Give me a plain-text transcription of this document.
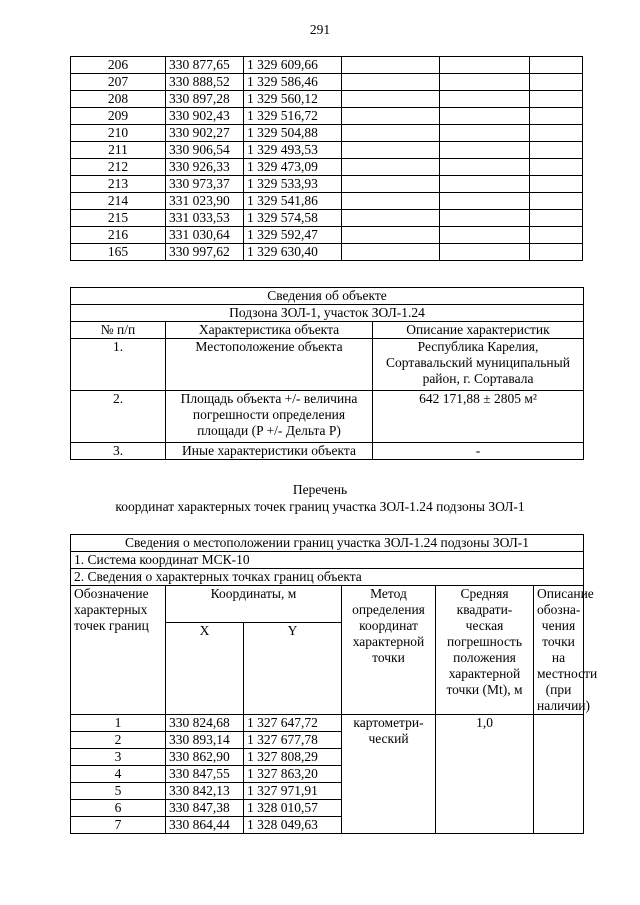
291
206	330 877,65	1 329 609,66			
207	330 888,52	1 329 586,46			
208	330 897,28	1 329 560,12			
209	330 902,43	1 329 516,72			
210	330 902,27	1 329 504,88			
211	330 906,54	1 329 493,53			
212	330 926,33	1 329 473,09			
213	330 973,37	1 329 533,93			
214	331 023,90	1 329 541,86			
215	331 033,53	1 329 574,58			
216	331 030,64	1 329 592,47			
165	330 997,62	1 329 630,40			
Сведения об объекте		
Подзона ЗОЛ-1, участок ЗОЛ-1.24		
№ п/п	Характеристика объекта	Описание характеристик
1.	Местоположение объекта	Республика Карелия, Сортавальский муниципальный район, г. Сортавала
2.	Площадь объекта +/- величина погрешности определения площади (P +/- Дельта P)	642 171,88 ± 2805 м²
3.	Иные характеристики объекта	-
Перечень
координат характерных точек границ участка ЗОЛ-1.24 подзоны ЗОЛ-1
Сведения о местоположении границ участка ЗОЛ-1.24 подзоны ЗОЛ-1					
1. Система координат МСК-10					
2. Сведения о характерных точках границ объекта					
Обозначение характерных точек границ	Координаты, м		Метод определения координат характерной точки	Средняя квадрати-ческая погрешность положения характерной точки (Mt), м	Описание обозна-чения точки на местности (при наличии)
	X	Y			
1	330 824,68	1 327 647,72	картометри-ческий	1,0	
2	330 893,14	1 327 677,78			
3	330 862,90	1 327 808,29			
4	330 847,55	1 327 863,20			
5	330 842,13	1 327 971,91			
6	330 847,38	1 328 010,57			
7	330 864,44	1 328 049,63			
